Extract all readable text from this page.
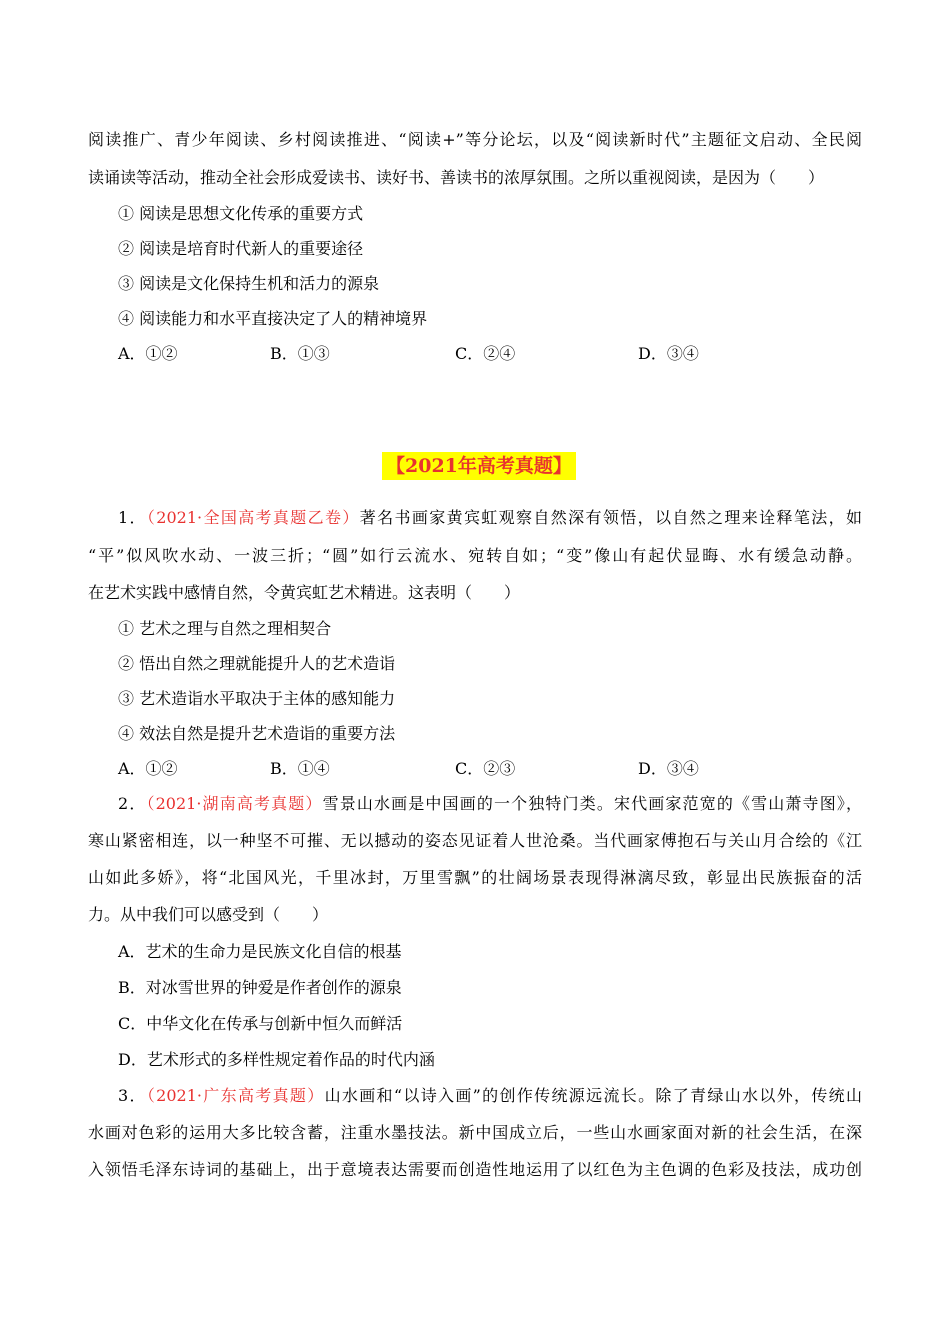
阅读推广、青少年阅读、乡村阅读推进、“阅读+”等分论坛，以及“阅读新时代”主题征文启动、全民阅
读诵读等活动，推动全社会形成爱读书、读好书、善读书的浓厚氛围。之所以重视阅读，是因为（　　）
① 阅读是思想文化传承的重要方式
② 阅读是培育时代新人的重要途径
③ 阅读是文化保持生机和活力的源泉
④ 阅读能力和水平直接决定了人的精神境界
A．①②	B．①③	C．②④	D．③④
【2021年高考真题】
1．（2021·全国高考真题乙卷）著名书画家黄宾虹观察自然深有领悟，以自然之理来诠释笔法，如
“平”似风吹水动、一波三折；“圆”如行云流水、宛转自如；“变”像山有起伏显晦、水有缓急动静。
在艺术实践中感情自然，令黄宾虹艺术精进。这表明（　　）
① 艺术之理与自然之理相契合
② 悟出自然之理就能提升人的艺术造诣
③ 艺术造诣水平取决于主体的感知能力
④ 效法自然是提升艺术造诣的重要方法
A．①②	B．①④	C．②③	D．③④
2．（2021·湖南高考真题）雪景山水画是中国画的一个独特门类。宋代画家范宽的《雪山萧寺图》，
寒山紧密相连，以一种坚不可摧、无以撼动的姿态见证着人世沧桑。当代画家傅抱石与关山月合绘的《江
山如此多娇》，将“北国风光，千里冰封，万里雪飘”的壮阔场景表现得淋漓尽致，彰显出民族振奋的活
力。从中我们可以感受到（　　）
A．艺术的生命力是民族文化自信的根基
B．对冰雪世界的钟爱是作者创作的源泉
C．中华文化在传承与创新中恒久而鲜活
D．艺术形式的多样性规定着作品的时代内涵
3．（2021·广东高考真题）山水画和“以诗入画”的创作传统源远流长。除了青绿山水以外，传统山
水画对色彩的运用大多比较含蓄，注重水墨技法。新中国成立后，一些山水画家面对新的社会生活，在深
入领悟毛泽东诗词的基础上，出于意境表达需要而创造性地运用了以红色为主色调的色彩及技法，成功创
